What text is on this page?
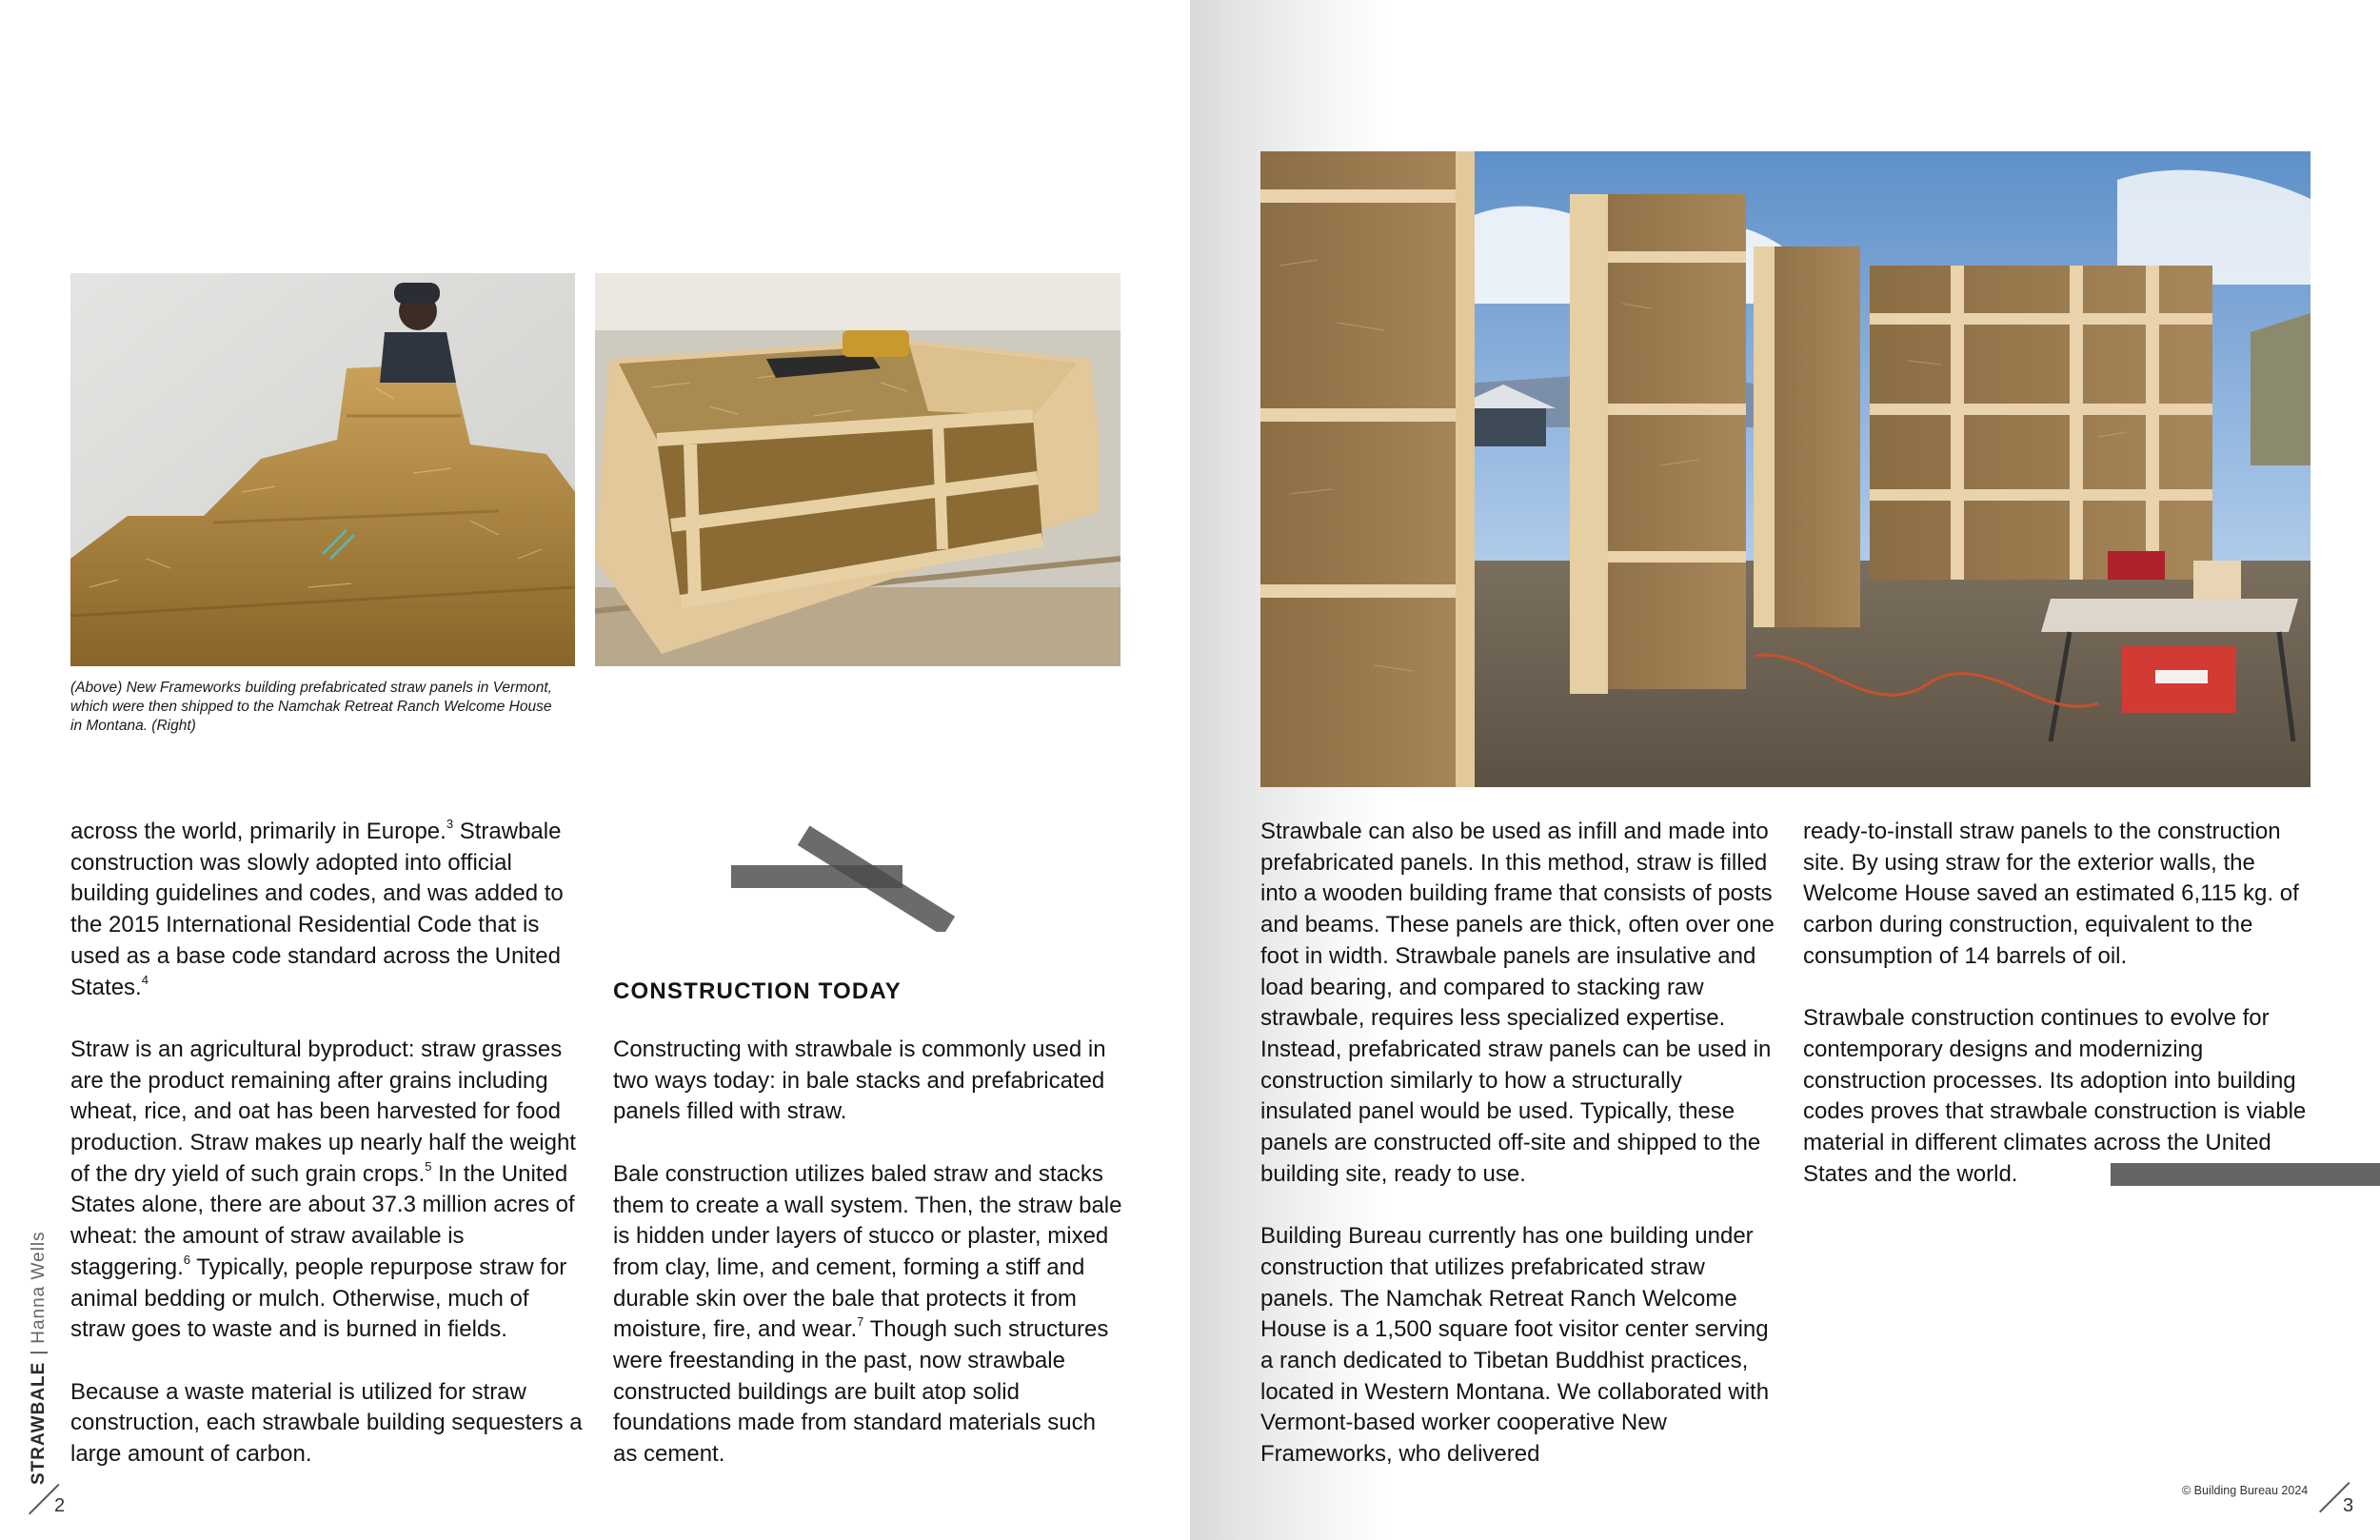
(Above) New Frameworks building prefabricated straw panels in Vermont, which were then shipped to the Namchak Retreat Ranch Welcome House in Montana. (Right)

across the world, primarily in Europe.$^3$ Strawbale construction was slowly adopted into official building guidelines and codes, and was added to the 2015 International Residential Code that is used as a base code standard across the United States.$^4$

Straw is an agricultural byproduct: straw grasses are the product remaining after grains including wheat, rice, and oat has been harvested for food production. Straw makes up nearly half the weight of the dry yield of such grain crops.$^5$ In the United States alone, there are about 37.3 million acres of wheat: the amount of straw available is staggering.$^6$ Typically, people repurpose straw for animal bedding or mulch. Otherwise, much of straw goes to waste and is burned in fields.

Because a waste material is utilized for straw construction, each strawbale building sequesters a large amount of carbon.

CONSTRUCTION TODAY

Constructing with strawbale is commonly used in two ways today: in bale stacks and prefabricated panels filled with straw.

Bale construction utilizes baled straw and stacks them to create a wall system. Then, the straw bale is hidden under layers of stucco or plaster, mixed from clay, lime, and cement, forming a stiff and durable skin over the bale that protects it from moisture, fire, and wear.$^7$ Though such structures were freestanding in the past, now strawbale constructed buildings are built atop solid foundations made from standard materials such as cement.

Strawbale can also be used as infill and made into prefabricated panels. In this method, straw is filled into a wooden building frame that consists of posts and beams. These panels are thick, often over one foot in width. Strawbale panels are insulative and load bearing, and compared to stacking raw strawbale, requires less specialized expertise. Instead, prefabricated straw panels can be used in construction similarly to how a structurally insulated panel would be used. Typically, these panels are constructed off-site and shipped to the building site, ready to use.

Building Bureau currently has one building under construction that utilizes prefabricated straw panels. The Namchak Retreat Ranch Welcome House is a 1,500 square foot visitor center serving a ranch dedicated to Tibetan Buddhist practices, located in Western Montana. We collaborated with Vermont-based worker cooperative New Frameworks, who delivered

ready-to-install straw panels to the construction site. By using straw for the exterior walls, the Welcome House saved an estimated 6,115 kg. of carbon during construction, equivalent to the consumption of 14 barrels of oil.

Strawbale construction continues to evolve for contemporary designs and modernizing construction processes. Its adoption into building codes proves that strawbale construction is viable material in different climates across the United States and the world.

STRAWBALE|Hanna Wells
2
© Building Bureau 2024
3
